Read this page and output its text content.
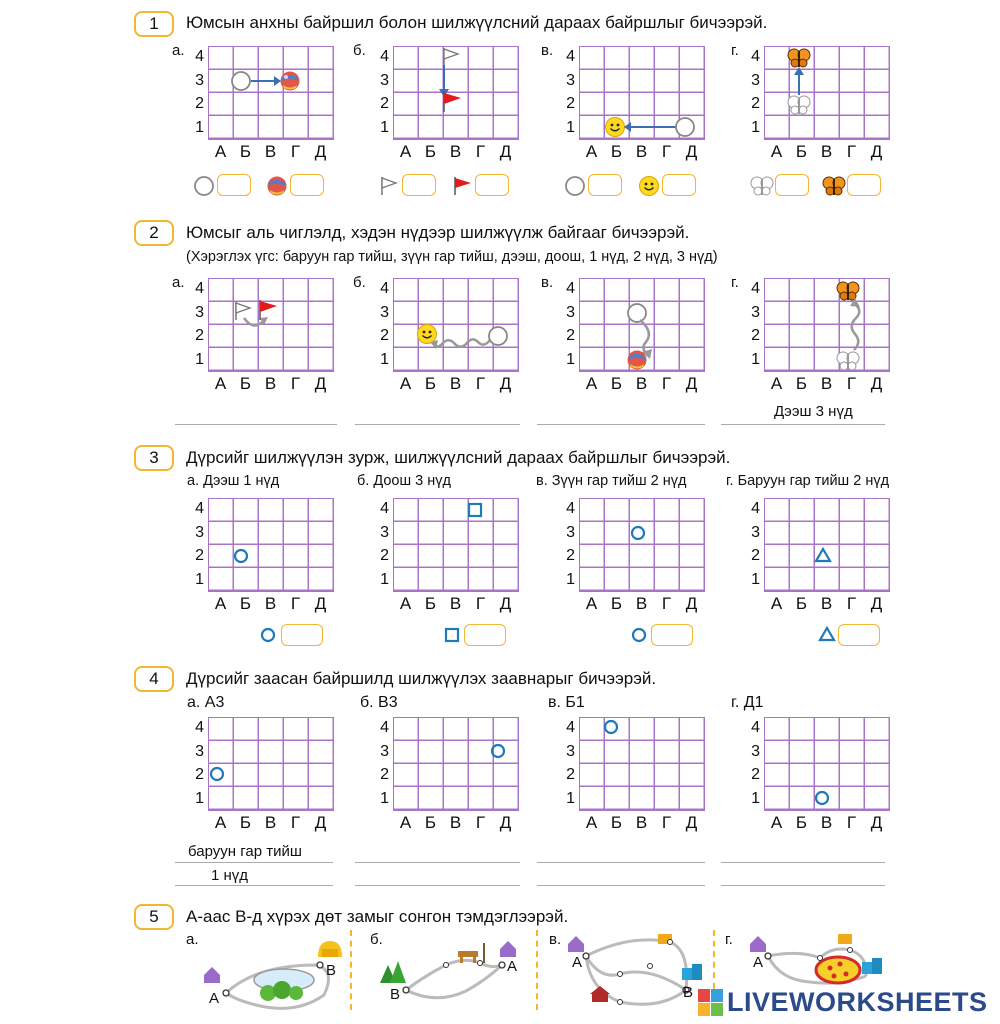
1	Юмсын анхны байршил болон шилжүүлсний дараах байршлыг бичээрэй.
а. 4
3
2
1
А Б В Г Д
б. 4
3
2
1
А Б В Г Д
в. 4
3
2
1
А Б В Г Д
г. 4
3
2
1
А Б В Г Д
2	Юмсыг аль чиглэлд, хэдэн нүдээр шилжүүлж байгааг бичээрэй.
(Хэрэглэх үгс: баруун гар тийш, зүүн гар тийш, дээш, доош, 1 нүд, 2 нүд, 3 нүд)
а. 4
3
2
1
А Б В Г Д
б. 4
3
2
1
А Б В Г Д
в. 4
3
2
1
А Б В Г Д
г. 4
3
2
1
А Б В Г Д
Дээш 3 нүд
3	Дүрсийг шилжүүлэн зурж, шилжүүлсний дараах байршлыг бичээрэй.
а. Дээш 1 нүд	б. Доош 3 нүд	в. Зүүн гар тийш 2 нүд	г. Баруун гар тийш 2 нүд
4
3
2
1
А Б В Г Д
4
3
2
1
А Б В Г Д
4
3
2
1
А Б В Г Д
4
3
2
1
А Б В Г Д
4	Дүрсийг заасан байршилд шилжүүлэх заавнарыг бичээрэй.
а. А3	б. В3	в. Б1	г. Д1
4
3
2
1
А Б В Г Д
4
3
2
1
А Б В Г Д
4
3
2
1
А Б В Г Д
4
3
2
1
А Б В Г Д
баруун гар тийш
1 нүд
5	А-аас В-д хүрэх дөт замыг сонгон тэмдэглээрэй.
а.	б.	в.	г.
А
В
В
А	А
В
А
LIVEWORKSHEETS
